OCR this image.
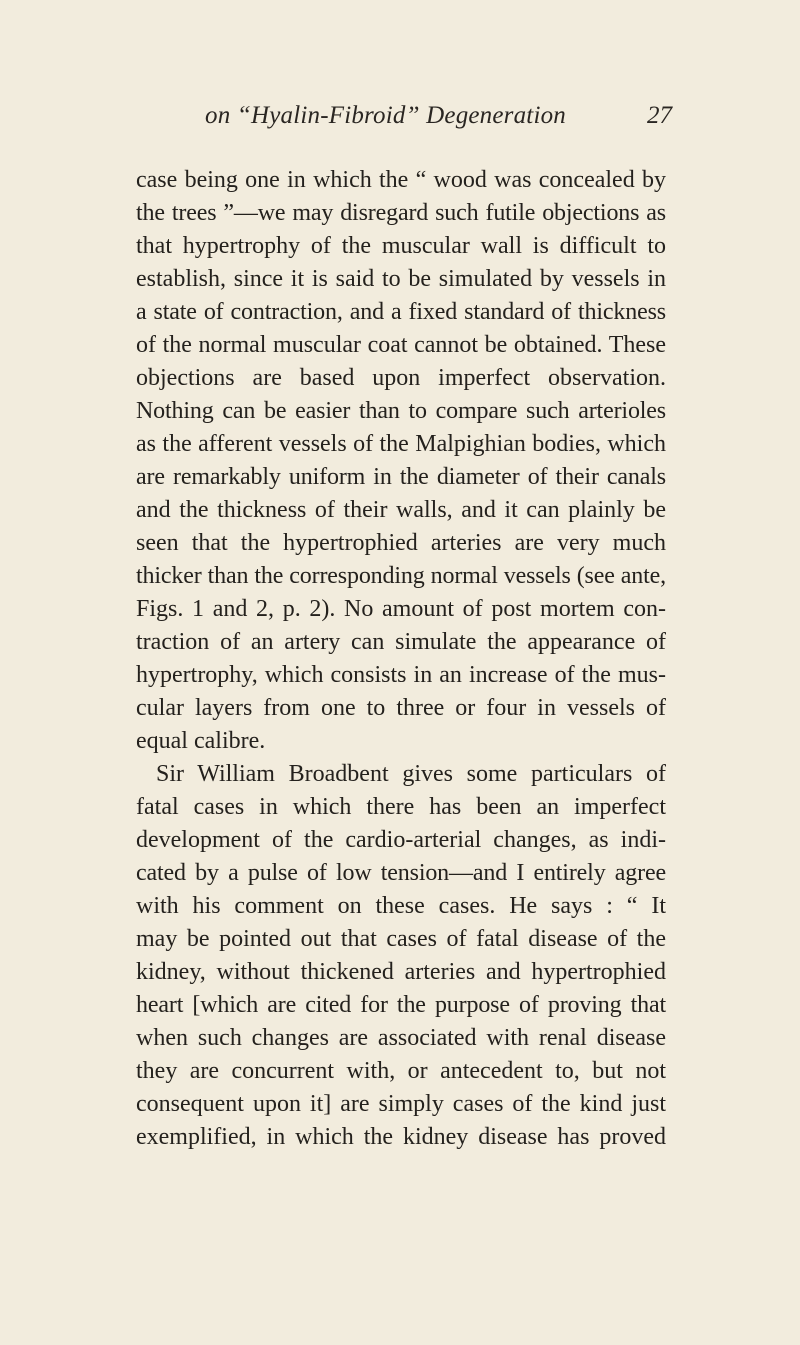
on “Hyalin-Fibroid” Degeneration	27
case being one in which the “ wood was concealed by
the trees ”—we may disregard such futile objections as
that hypertrophy of the muscular wall is difficult to
establish, since it is said to be simulated by vessels in
a state of contraction, and a fixed standard of thickness
of the normal muscular coat cannot be obtained. These
objections are based upon imperfect observation.
Nothing can be easier than to compare such arterioles
as the afferent vessels of the Malpighian bodies, which
are remarkably uniform in the diameter of their canals
and the thickness of their walls, and it can plainly be
seen that the hypertrophied arteries are very much
thicker than the corresponding normal vessels (see ante,
Figs. 1 and 2, p. 2). No amount of post mortem con-
traction of an artery can simulate the appearance of
hypertrophy, which consists in an increase of the mus-
cular layers from one to three or four in vessels of
equal calibre.
Sir William Broadbent gives some particulars of
fatal cases in which there has been an imperfect
development of the cardio-arterial changes, as indi-
cated by a pulse of low tension—and I entirely agree
with his comment on these cases. He says : “ It
may be pointed out that cases of fatal disease of the
kidney, without thickened arteries and hypertrophied
heart [which are cited for the purpose of proving that
when such changes are associated with renal disease
they are concurrent with, or antecedent to, but not
consequent upon it] are simply cases of the kind just
exemplified, in which the kidney disease has proved
